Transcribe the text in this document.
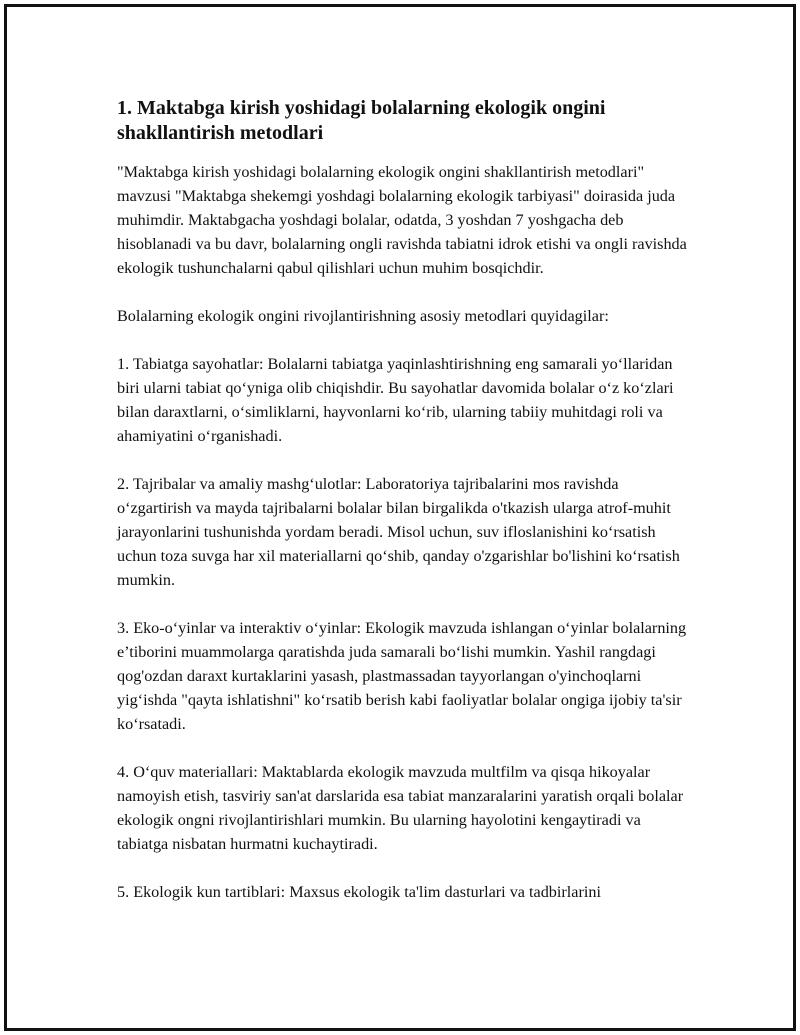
1. Maktabga kirish yoshidagi bolalarning ekologik ongini shakllantirish metodlari

"Maktabga kirish yoshidagi bolalarning ekologik ongini shakllantirish metodlari" mavzusi "Maktabga shekemgi yoshdagi bolalarning ekologik tarbiyasi" doirasida juda muhimdir. Maktabgacha yoshdagi bolalar, odatda, 3 yoshdan 7 yoshgacha deb hisoblanadi va bu davr, bolalarning ongli ravishda tabiatni idrok etishi va ongli ravishda ekologik tushunchalarni qabul qilishlari uchun muhim bosqichdir.

Bolalarning ekologik ongini rivojlantirishning asosiy metodlari quyidagilar:

1. Tabiatga sayohatlar: Bolalarni tabiatga yaqinlashtirishning eng samarali yo‘llaridan biri ularni tabiat qo‘yniga olib chiqishdir. Bu sayohatlar davomida bolalar o‘z ko‘zlari bilan daraxtlarni, o‘simliklarni, hayvonlarni ko‘rib, ularning tabiiy muhitdagi roli va ahamiyatini o‘rganishadi.

2. Tajribalar va amaliy mashg‘ulotlar: Laboratoriya tajribalarini mos ravishda o‘zgartirish va mayda tajribalarni bolalar bilan birgalikda o'tkazish ularga atrof-muhit jarayonlarini tushunishda yordam beradi. Misol uchun, suv ifloslanishini ko‘rsatish uchun toza suvga har xil materiallarni qo‘shib, qanday o'zgarishlar bo'lishini ko‘rsatish mumkin.

3. Eko-o‘yinlar va interaktiv o‘yinlar: Ekologik mavzuda ishlangan o‘yinlar bolalarning e’tiborini muammolarga qaratishda juda samarali bo‘lishi mumkin. Yashil rangdagi qog'ozdan daraxt kurtaklarini yasash, plastmassadan tayyorlangan o'yinchoqlarni yig‘ishda "qayta ishlatishni" ko‘rsatib berish kabi faoliyatlar bolalar ongiga ijobiy ta'sir ko‘rsatadi.

4. O‘quv materiallari: Maktablarda ekologik mavzuda multfilm va qisqa hikoyalar namoyish etish, tasviriy san'at darslarida esa tabiat manzaralarini yaratish orqali bolalar ekologik ongni rivojlantirishlari mumkin. Bu ularning hayolotini kengaytiradi va tabiatga nisbatan hurmatni kuchaytiradi.

5. Ekologik kun tartiblari: Maxsus ekologik ta'lim dasturlari va tadbirlarini
